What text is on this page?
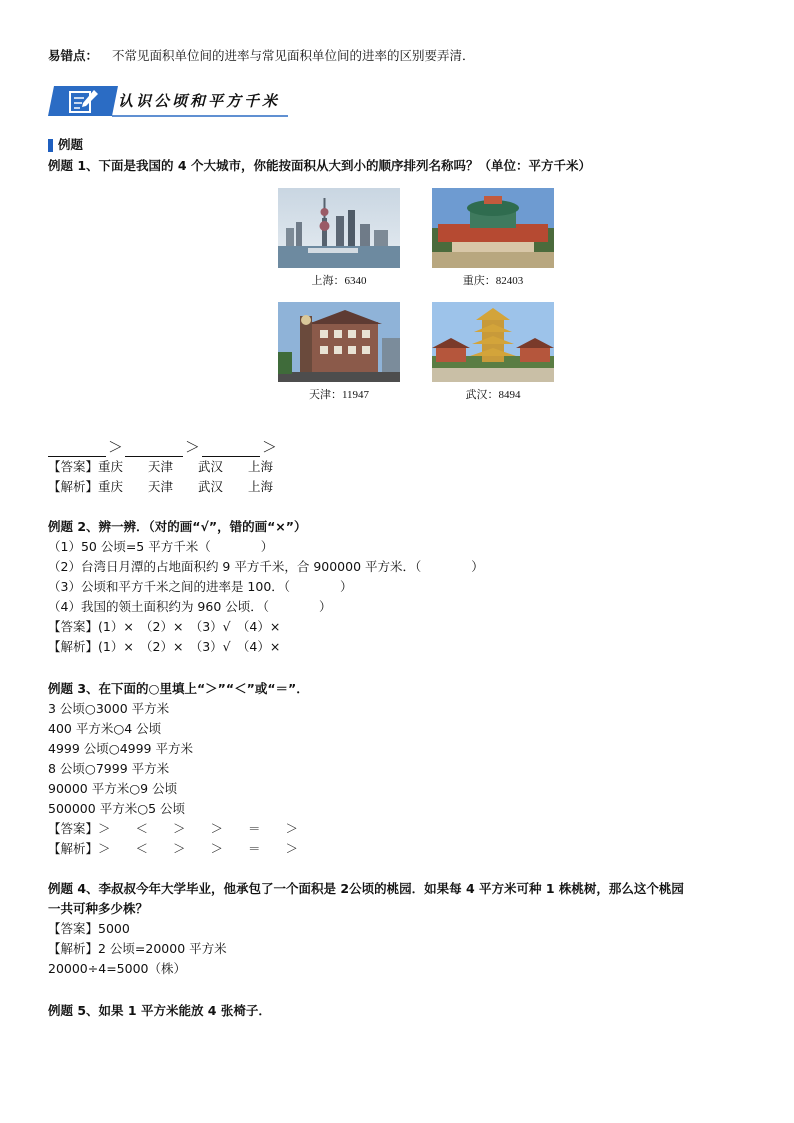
易错点： 不常见面积单位间的进率与常见面积单位间的进率的区别要弄清．
认识公顷和平方千米
例题
例题 1、下面是我国的 4 个大城市，你能按面积从大到小的顺序排列名称吗？（单位：平方千米）
上海：6340	重庆：82403
天津：11947	武汉：8494
＞	＞	＞
【答案】重庆　　天津　　武汉　　上海
【解析】重庆　　天津　　武汉　　上海
例题 2、辨一辨．（对的画“√”，错的画“×”）
（1）50 公顷=5 平方千米（　　　　）
（2）台湾日月潭的占地面积约 9 平方千米，合 900000 平方米．（　　　　）
（3）公顷和平方千米之间的进率是 100．（　　　　）
（4）我国的领土面积约为 960 公顷．（　　　　）
【答案】(1）×　（2）×　（3）√　（4）×
【解析】(1）×　（2）×　（3）√　（4）×
例题 3、在下面的○里填上“＞”“＜”或“＝”．
3 公顷○3000 平方米
400 平方米○4 公顷
4999 公顷○4999 平方米
8 公顷○7999 平方米
90000 平方米○9 公顷
500000 平方米○5 公顷
【答案】＞　　＜　　＞　　＞　　＝　　＞
【解析】＞　　＜　　＞　　＞　　＝　　＞
例题 4、李叔叔今年大学毕业，他承包了一个面积是 2公顷的桃园．如果每 4 平方米可种 1 株桃树，那么这个桃园
一共可种多少株？
【答案】5000
【解析】2 公顷=20000 平方米
20000÷4=5000（株）
例题 5、如果 1 平方米能放 4 张椅子．
